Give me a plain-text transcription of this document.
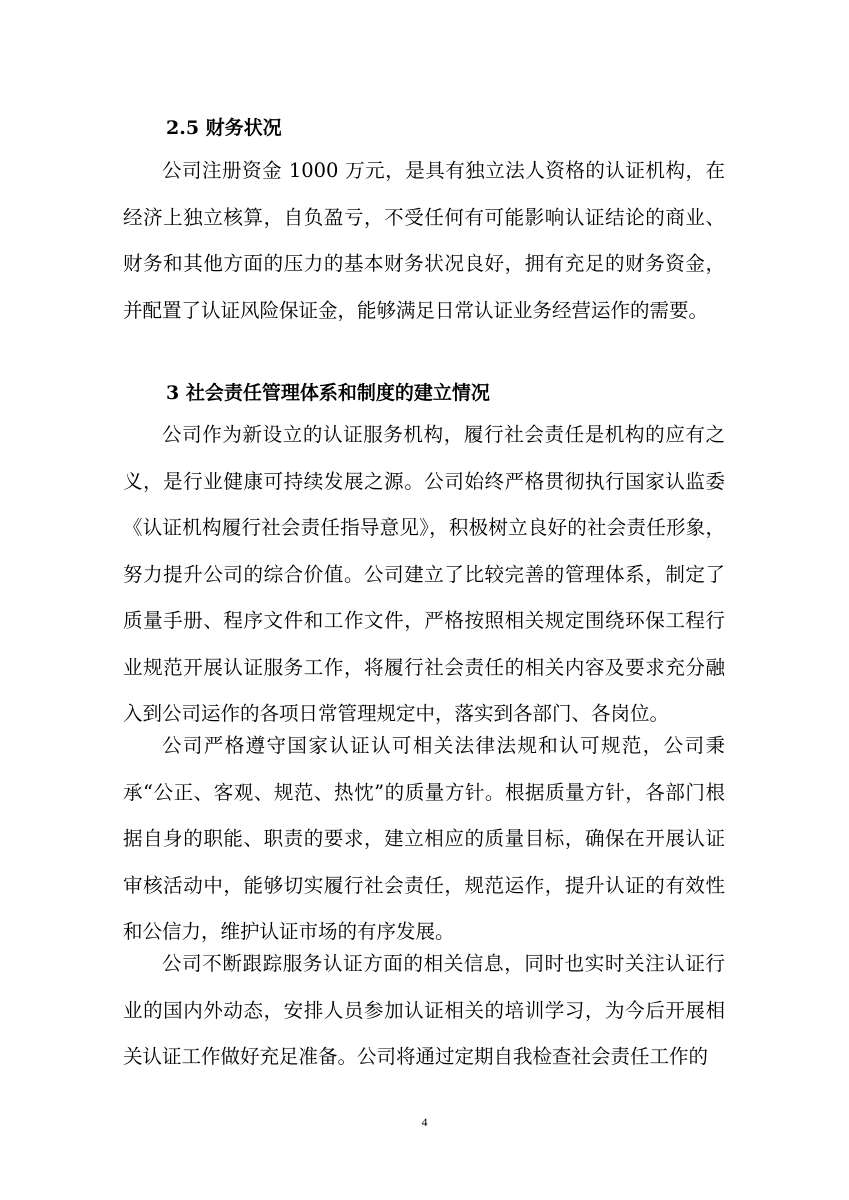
2.5 财务状况

公司注册资金 1000 万元，是具有独立法人资格的认证机构，在经济上独立核算，自负盈亏，不受任何有可能影响认证结论的商业、财务和其他方面的压力的基本财务状况良好，拥有充足的财务资金，并配置了认证风险保证金，能够满足日常认证业务经营运作的需要。

3 社会责任管理体系和制度的建立情况

公司作为新设立的认证服务机构，履行社会责任是机构的应有之义，是行业健康可持续发展之源。公司始终严格贯彻执行国家认监委《认证机构履行社会责任指导意见》，积极树立良好的社会责任形象，努力提升公司的综合价值。公司建立了比较完善的管理体系，制定了质量手册、程序文件和工作文件，严格按照相关规定围绕环保工程行业规范开展认证服务工作，将履行社会责任的相关内容及要求充分融入到公司运作的各项日常管理规定中，落实到各部门、各岗位。

公司严格遵守国家认证认可相关法律法规和认可规范，公司秉承“公正、客观、规范、热忱”的质量方针。根据质量方针，各部门根据自身的职能、职责的要求，建立相应的质量目标，确保在开展认证审核活动中，能够切实履行社会责任，规范运作，提升认证的有效性和公信力，维护认证市场的有序发展。

公司不断跟踪服务认证方面的相关信息，同时也实时关注认证行业的国内外动态，安排人员参加认证相关的培训学习，为今后开展相关认证工作做好充足准备。公司将通过定期自我检查社会责任工作的

4
